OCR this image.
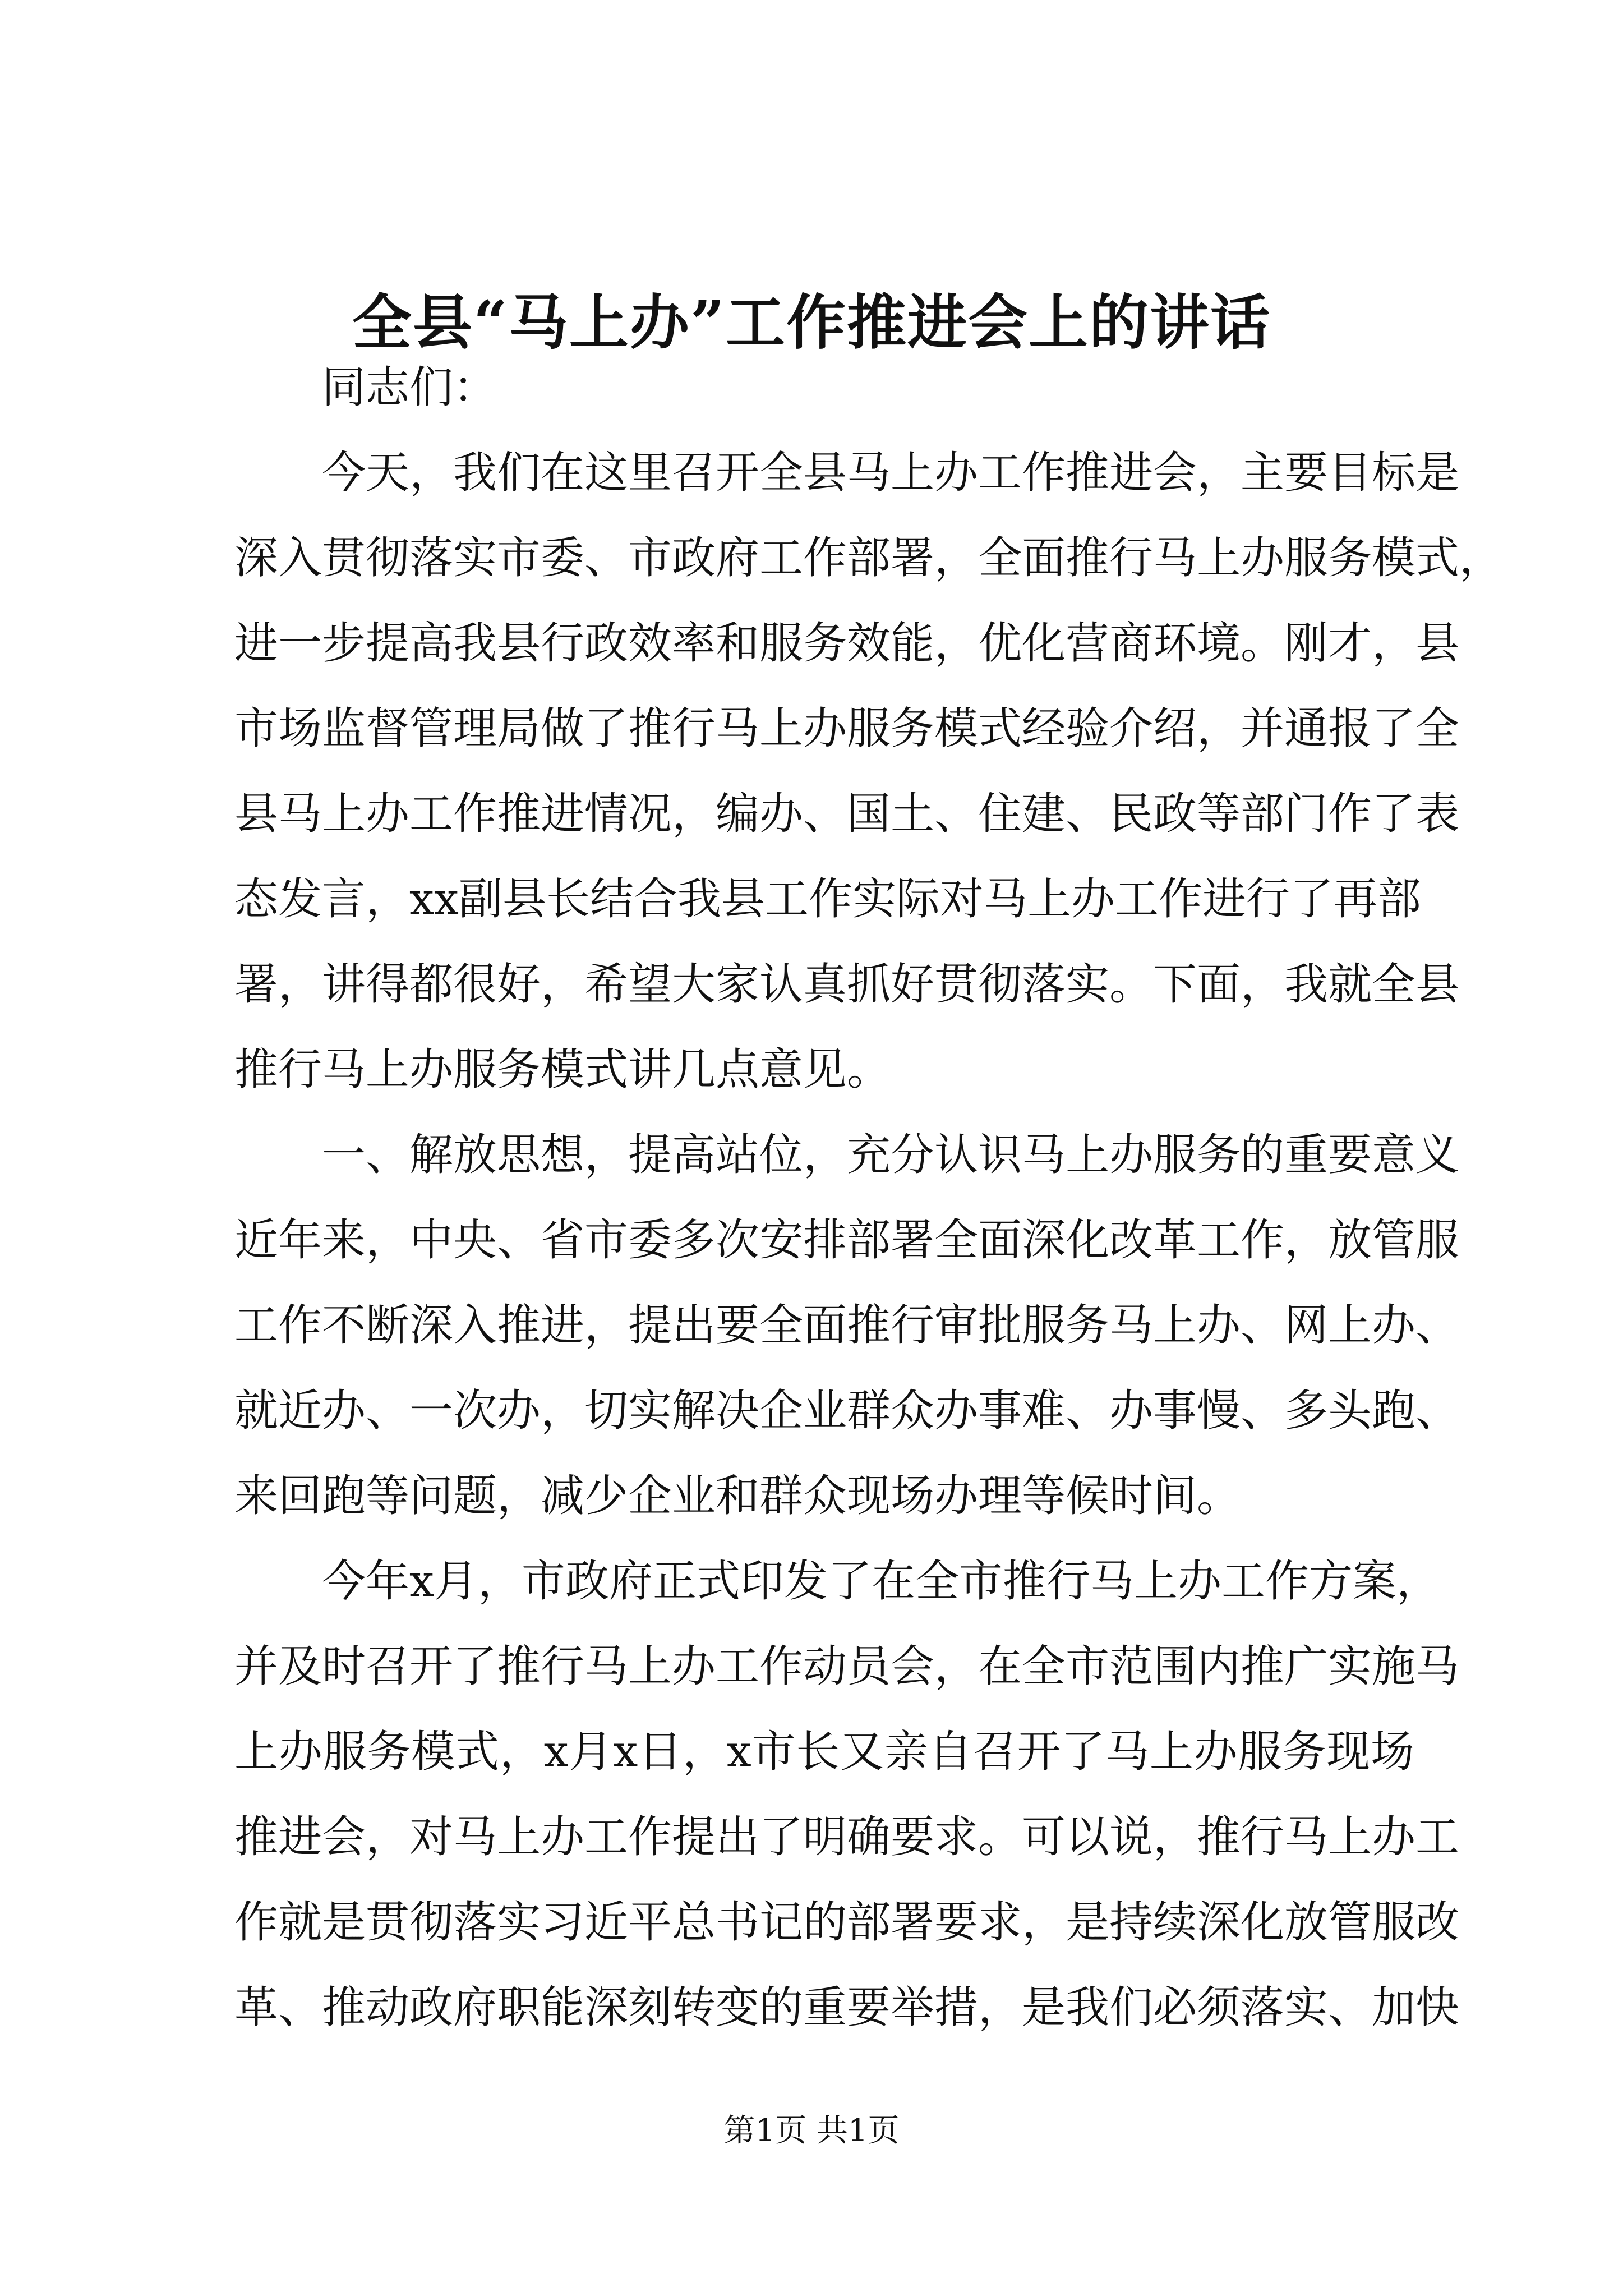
全县“马上办”工作推进会上的讲话
同志们：
今天，我们在这里召开全县马上办工作推进会，主要目标是
深入贯彻落实市委、市政府工作部署，全面推行马上办服务模式，
进一步提高我县行政效率和服务效能，优化营商环境。刚才，县
市场监督管理局做了推行马上办服务模式经验介绍，并通报了全
县马上办工作推进情况，编办、国土、住建、民政等部门作了表
态发言，xx副县长结合我县工作实际对马上办工作进行了再部
署，讲得都很好，希望大家认真抓好贯彻落实。下面，我就全县
推行马上办服务模式讲几点意见。
一、解放思想，提高站位，充分认识马上办服务的重要意义
近年来，中央、省市委多次安排部署全面深化改革工作，放管服
工作不断深入推进，提出要全面推行审批服务马上办、网上办、
就近办、一次办，切实解决企业群众办事难、办事慢、多头跑、
来回跑等问题，减少企业和群众现场办理等候时间。
今年x月，市政府正式印发了在全市推行马上办工作方案，
并及时召开了推行马上办工作动员会，在全市范围内推广实施马
上办服务模式，x月x日，x市长又亲自召开了马上办服务现场
推进会，对马上办工作提出了明确要求。可以说，推行马上办工
作就是贯彻落实习近平总书记的部署要求，是持续深化放管服改
革、推动政府职能深刻转变的重要举措，是我们必须落实、加快
第1页 共1页
